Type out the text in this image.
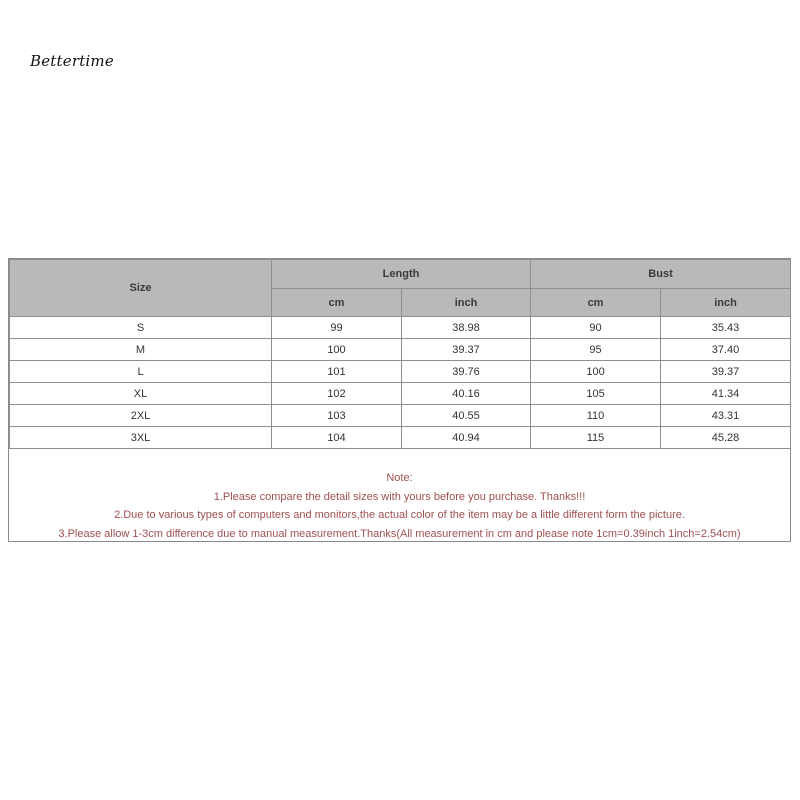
Bettertime
Size	Length		Bust	
	cm	inch	cm	inch
S	99	38.98	90	35.43
M	100	39.37	95	37.40
L	101	39.76	100	39.37
XL	102	40.16	105	41.34
2XL	103	40.55	110	43.31
3XL	104	40.94	115	45.28
Note:
1.Please compare the detail sizes with yours before you purchase. Thanks!!!
2.Due to various types of computers and monitors,the actual color of the item may be a little different form the picture.
3.Please allow 1-3cm difference due to manual measurement.Thanks(All measurement in cm and please note 1cm=0.39inch 1inch=2.54cm)
